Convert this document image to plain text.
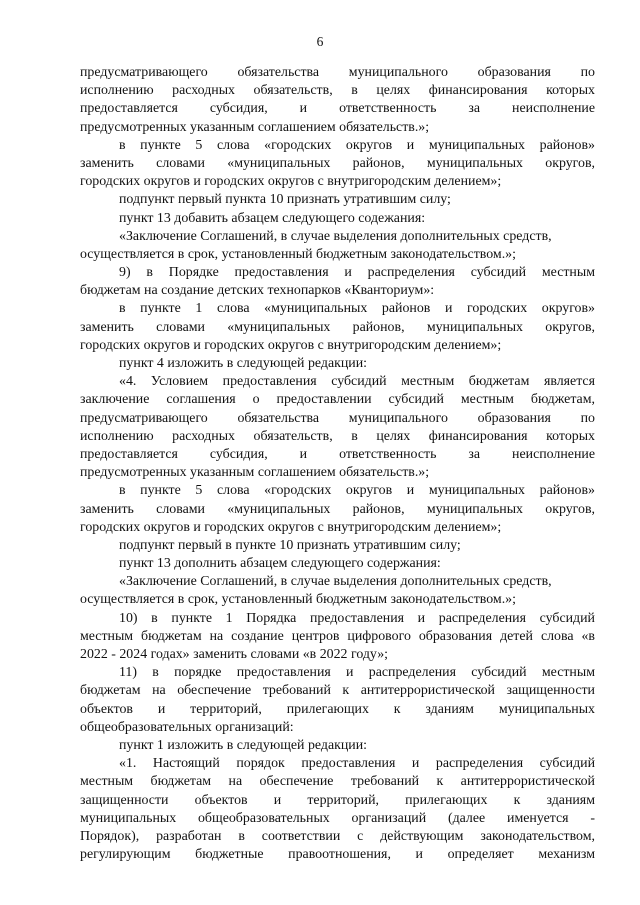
6
предусматривающего обязательства муниципального образования по
исполнению расходных обязательств, в целях финансирования которых
предоставляется субсидия, и ответственность за неисполнение
предусмотренных указанным соглашением обязательств.»;
в пункте 5 слова «городских округов и муниципальных районов»
заменить словами «муниципальных районов, муниципальных округов,
городских округов и городских округов с внутригородским делением»;
подпункт первый пункта 10 признать утратившим силу;
пункт 13 добавить абзацем следующего содежания:
«Заключение Соглашений, в случае выделения дополнительных средств,
осуществляется в срок, установленный бюджетным законодательством.»;
9) в Порядке предоставления и распределения субсидий местным
бюджетам на создание детских технопарков «Кванториум»:
в пункте 1 слова «муниципальных районов и городских округов»
заменить словами «муниципальных районов, муниципальных округов,
городских округов и городских округов с внутригородским делением»;
пункт 4 изложить в следующей редакции:
«4. Условием предоставления субсидий местным бюджетам является
заключение соглашения о предоставлении субсидий местным бюджетам,
предусматривающего обязательства муниципального образования по
исполнению расходных обязательств, в целях финансирования которых
предоставляется субсидия, и ответственность за неисполнение
предусмотренных указанным соглашением обязательств.»;
в пункте 5 слова «городских округов и муниципальных районов»
заменить словами «муниципальных районов, муниципальных округов,
городских округов и городских округов с внутригородским делением»;
подпункт первый в пункте 10 признать утратившим силу;
пункт 13 дополнить абзацем следующего содержания:
«Заключение Соглашений, в случае выделения дополнительных средств,
осуществляется в срок, установленный бюджетным законодательством.»;
10) в пункте 1 Порядка предоставления и распределения субсидий
местным бюджетам на создание центров цифрового образования детей слова «в
2022 - 2024 годах» заменить словами «в 2022 году»;
11) в порядке предоставления и распределения субсидий местным
бюджетам на обеспечение требований к антитеррористической защищенности
объектов и территорий, прилегающих к зданиям муниципальных
общеобразовательных организаций:
пункт 1 изложить в следующей редакции:
«1. Настоящий порядок предоставления и распределения субсидий
местным бюджетам на обеспечение требований к антитеррористической
защищенности объектов и территорий, прилегающих к зданиям
муниципальных общеобразовательных организаций (далее именуется -
Порядок), разработан в соответствии с действующим законодательством,
регулирующим бюджетные правоотношения, и определяет механизм
